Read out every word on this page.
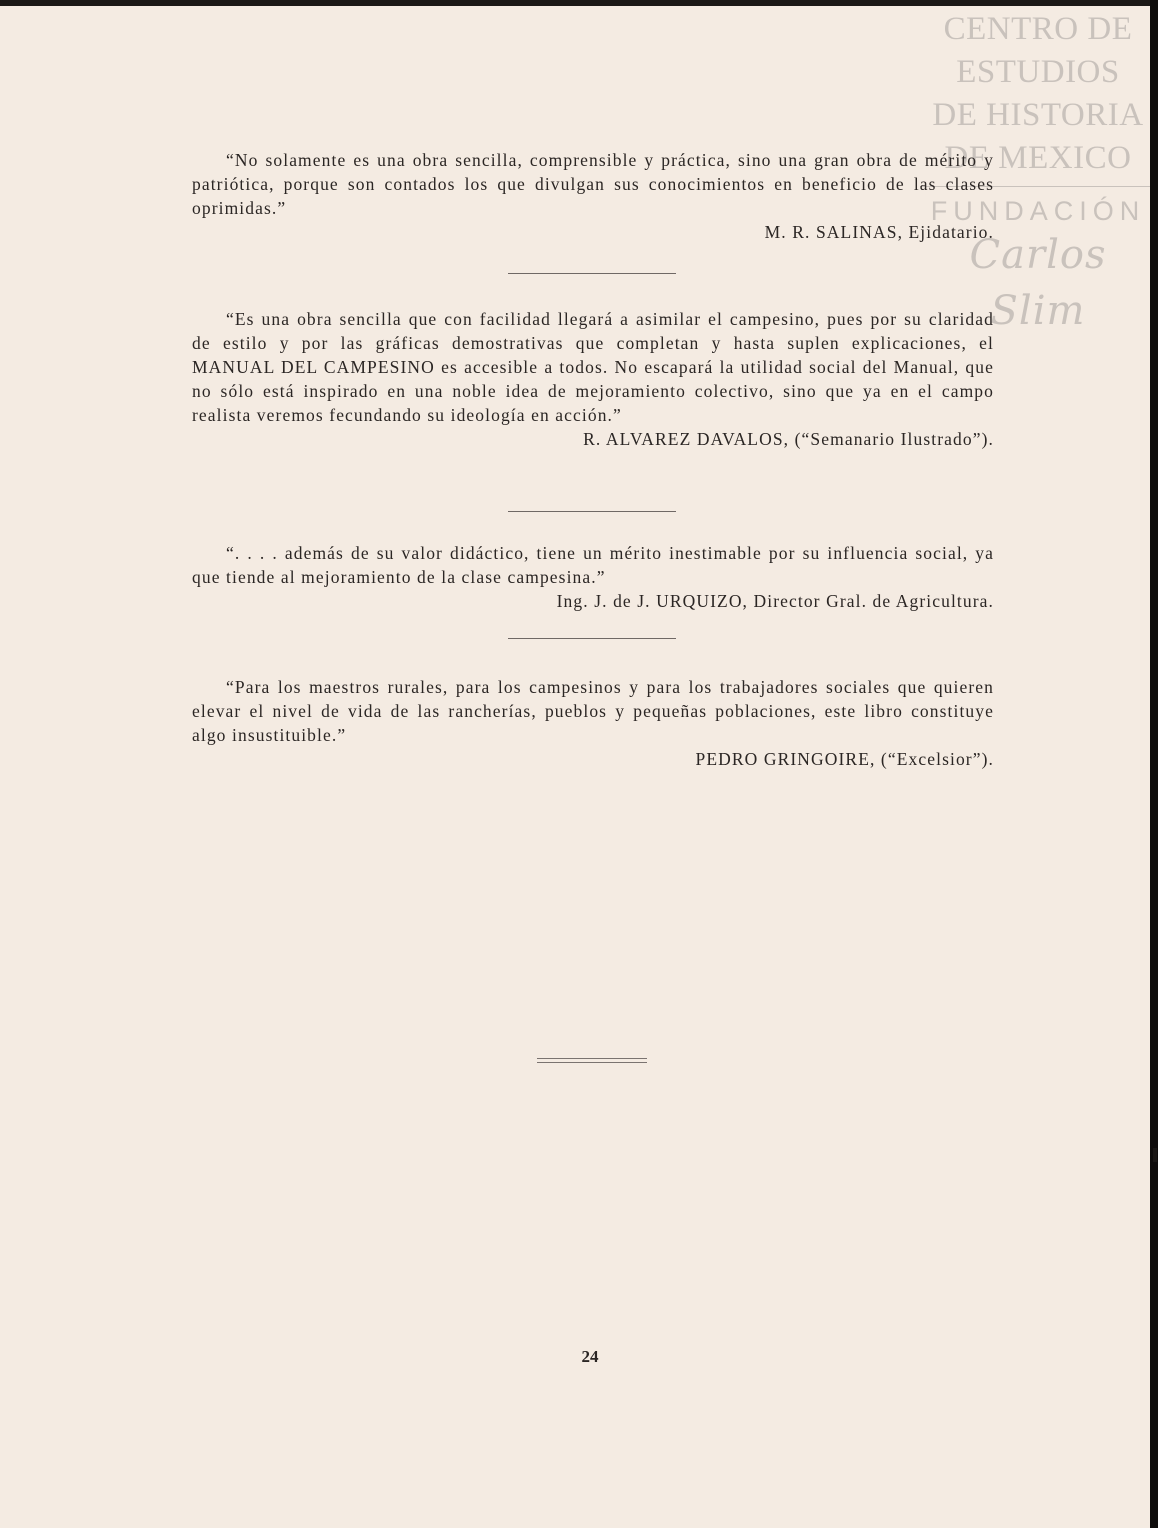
CENTRO DE
ESTUDIOS
DE HISTORIA
DE MEXICO
FUNDACIÓN
Carlos Slim

“No solamente es una obra sencilla, comprensible y práctica, sino una gran obra de mérito y patriótica, porque son contados los que divulgan sus conocimientos en beneficio de las clases oprimidas.”

M. R. SALINAS, Ejidatario.

“Es una obra sencilla que con facilidad llegará a asimilar el campesino, pues por su claridad de estilo y por las gráficas demostrativas que completan y hasta suplen explicaciones, el MANUAL DEL CAMPESINO es accesible a todos. No escapará la utilidad social del Manual, que no sólo está inspirado en una noble idea de mejoramiento colectivo, sino que ya en el campo realista veremos fecundando su ideología en acción.”

R. ALVAREZ DAVALOS, (“Semanario Ilustrado”).

“. . . . además de su valor didáctico, tiene un mérito inestimable por su influencia social, ya que tiende al mejoramiento de la clase campesina.”

Ing. J. de J. URQUIZO, Director Gral. de Agricultura.

“Para los maestros rurales, para los campesinos y para los trabajadores sociales que quieren elevar el nivel de vida de las rancherías, pueblos y pequeñas poblaciones, este libro constituye algo insustituible.”

PEDRO GRINGOIRE, (“Excelsior”).

24
